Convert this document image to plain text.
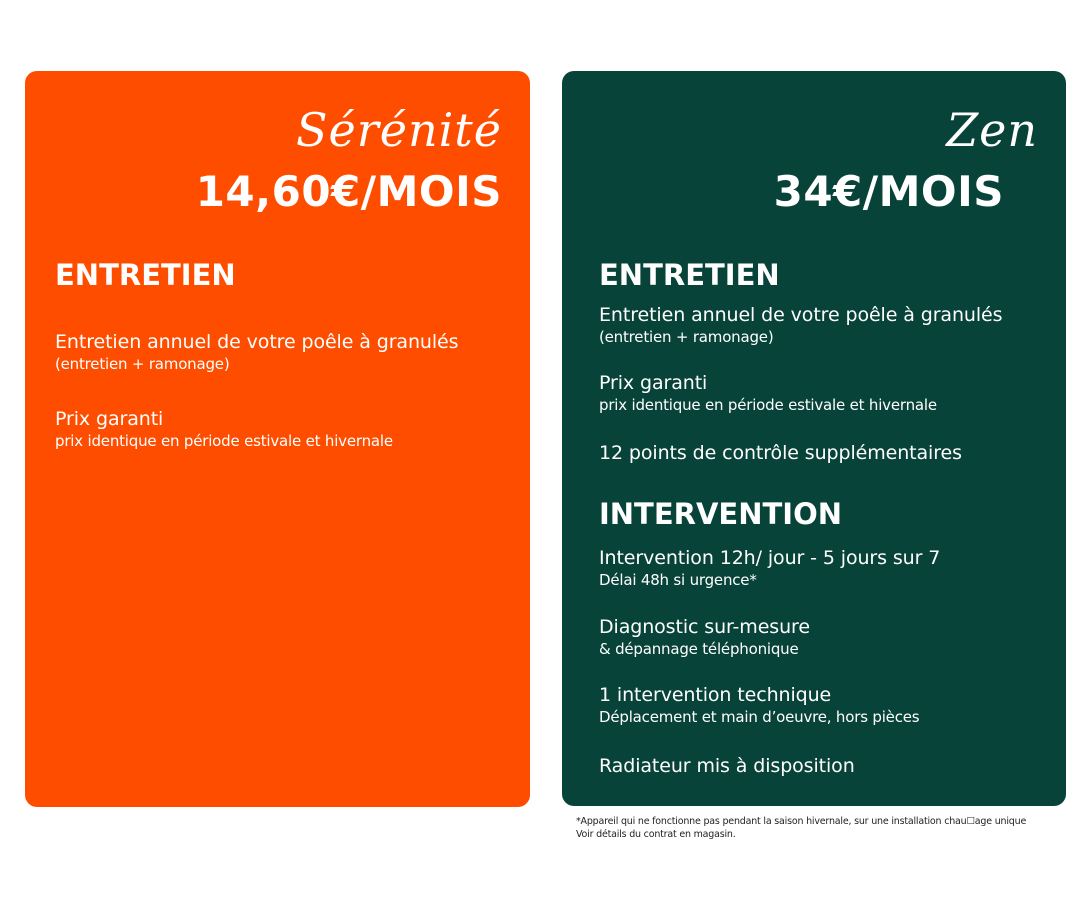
Sérénité
14,60€/MOIS
ENTRETIEN
Entretien annuel de votre poêle à granulés
(entretien + ramonage)
Prix garanti
prix identique en période estivale et hivernale
Zen
34€/MOIS
ENTRETIEN
Entretien annuel de votre poêle à granulés
(entretien + ramonage)
Prix garanti
prix identique en période estivale et hivernale
12 points de contrôle supplémentaires
INTERVENTION
Intervention 12h/ jour - 5 jours sur 7
Délai 48h si urgence*
Diagnostic sur-mesure
& dépannage téléphonique
1 intervention technique
Déplacement et main d’oeuvre, hors pièces
Radiateur mis à disposition
*Appareil qui ne fonctionne pas pendant la saison hivernale, sur une installation chau☐age unique
Voir détails du contrat en magasin.
